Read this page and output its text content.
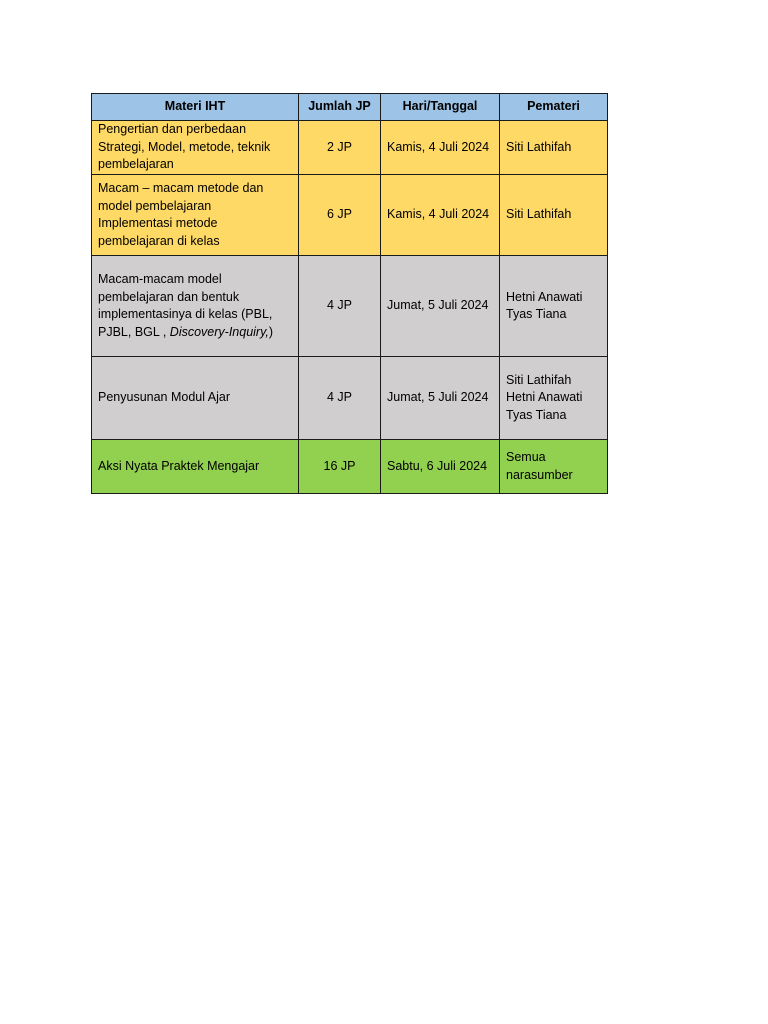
Materi IHT	Jumlah JP	Hari/Tanggal	Pemateri

Pengertian dan perbedaan
Strategi, Model, metode, teknik
pembelajaran	2 JP	Kamis, 4 Juli 2024	Siti Lathifah

Macam – macam metode dan
model pembelajaran
Implementasi metode
pembelajaran di kelas	6 JP	Kamis, 4 Juli 2024	Siti Lathifah

Macam-macam model
pembelajaran dan bentuk
implementasinya di kelas (PBL,
PJBL, BGL , Discovery-Inquiry,)	4 JP	Jumat, 5 Juli 2024	Hetni Anawati
Tyas Tiana

Penyusunan Modul Ajar	4 JP	Jumat, 5 Juli 2024	Siti Lathifah
Hetni Anawati
Tyas Tiana

Aksi Nyata Praktek Mengajar	16 JP	Sabtu, 6 Juli 2024	Semua
narasumber
